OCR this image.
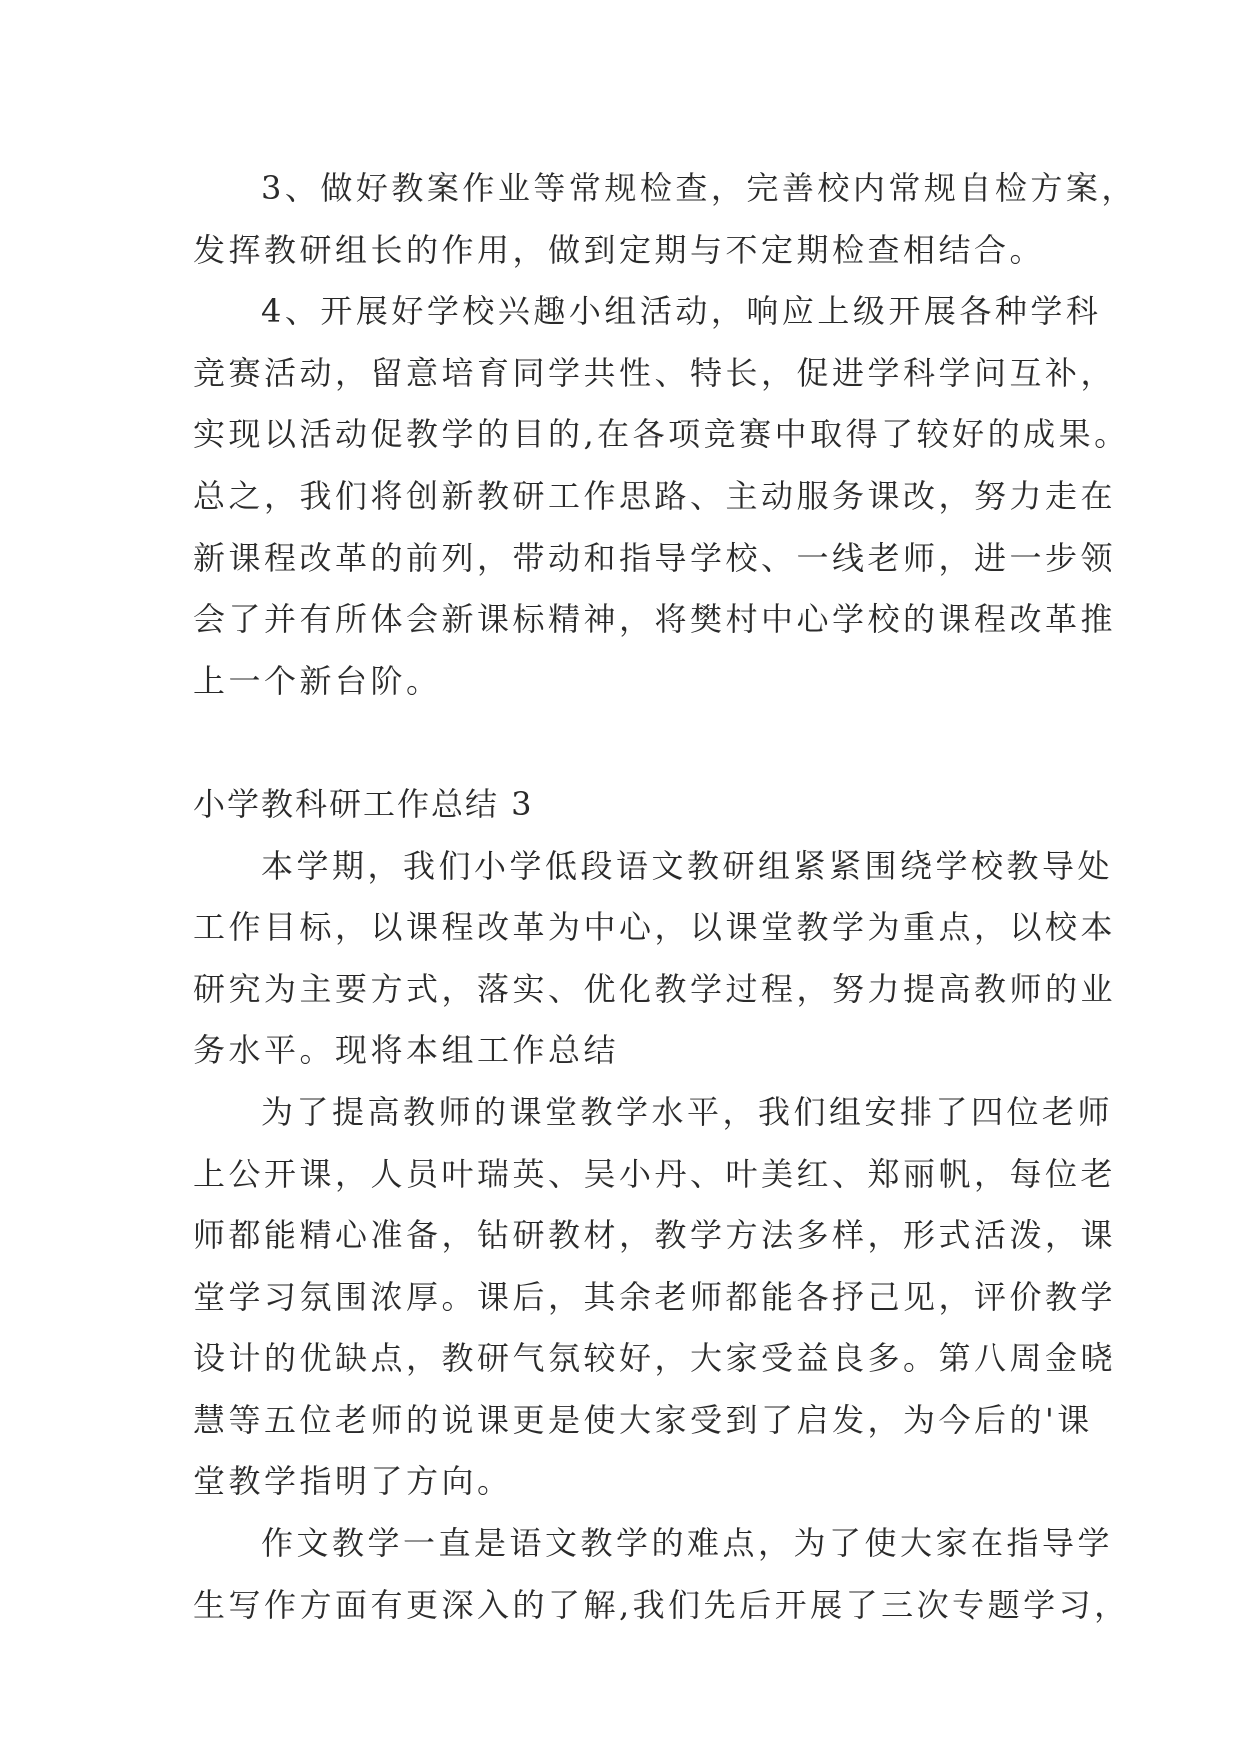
3、做好教案作业等常规检查，完善校内常规自检方案，
发挥教研组长的作用，做到定期与不定期检查相结合。
4、开展好学校兴趣小组活动，响应上级开展各种学科
竞赛活动，留意培育同学共性、特长，促进学科学问互补，
实现以活动促教学的目的,在各项竞赛中取得了较好的成果。
总之，我们将创新教研工作思路、主动服务课改，努力走在
新课程改革的前列，带动和指导学校、一线老师，进一步领
会了并有所体会新课标精神，将樊村中心学校的课程改革推
上一个新台阶。
小学教科研工作总结 3
本学期，我们小学低段语文教研组紧紧围绕学校教导处
工作目标，以课程改革为中心，以课堂教学为重点，以校本
研究为主要方式，落实、优化教学过程，努力提高教师的业
务水平。现将本组工作总结
为了提高教师的课堂教学水平，我们组安排了四位老师
上公开课，人员叶瑞英、吴小丹、叶美红、郑丽帆，每位老
师都能精心准备，钻研教材，教学方法多样，形式活泼，课
堂学习氛围浓厚。课后，其余老师都能各抒己见，评价教学
设计的优缺点，教研气氛较好，大家受益良多。第八周金晓
慧等五位老师的说课更是使大家受到了启发，为今后的'课
堂教学指明了方向。
作文教学一直是语文教学的难点，为了使大家在指导学
生写作方面有更深入的了解,我们先后开展了三次专题学习，
